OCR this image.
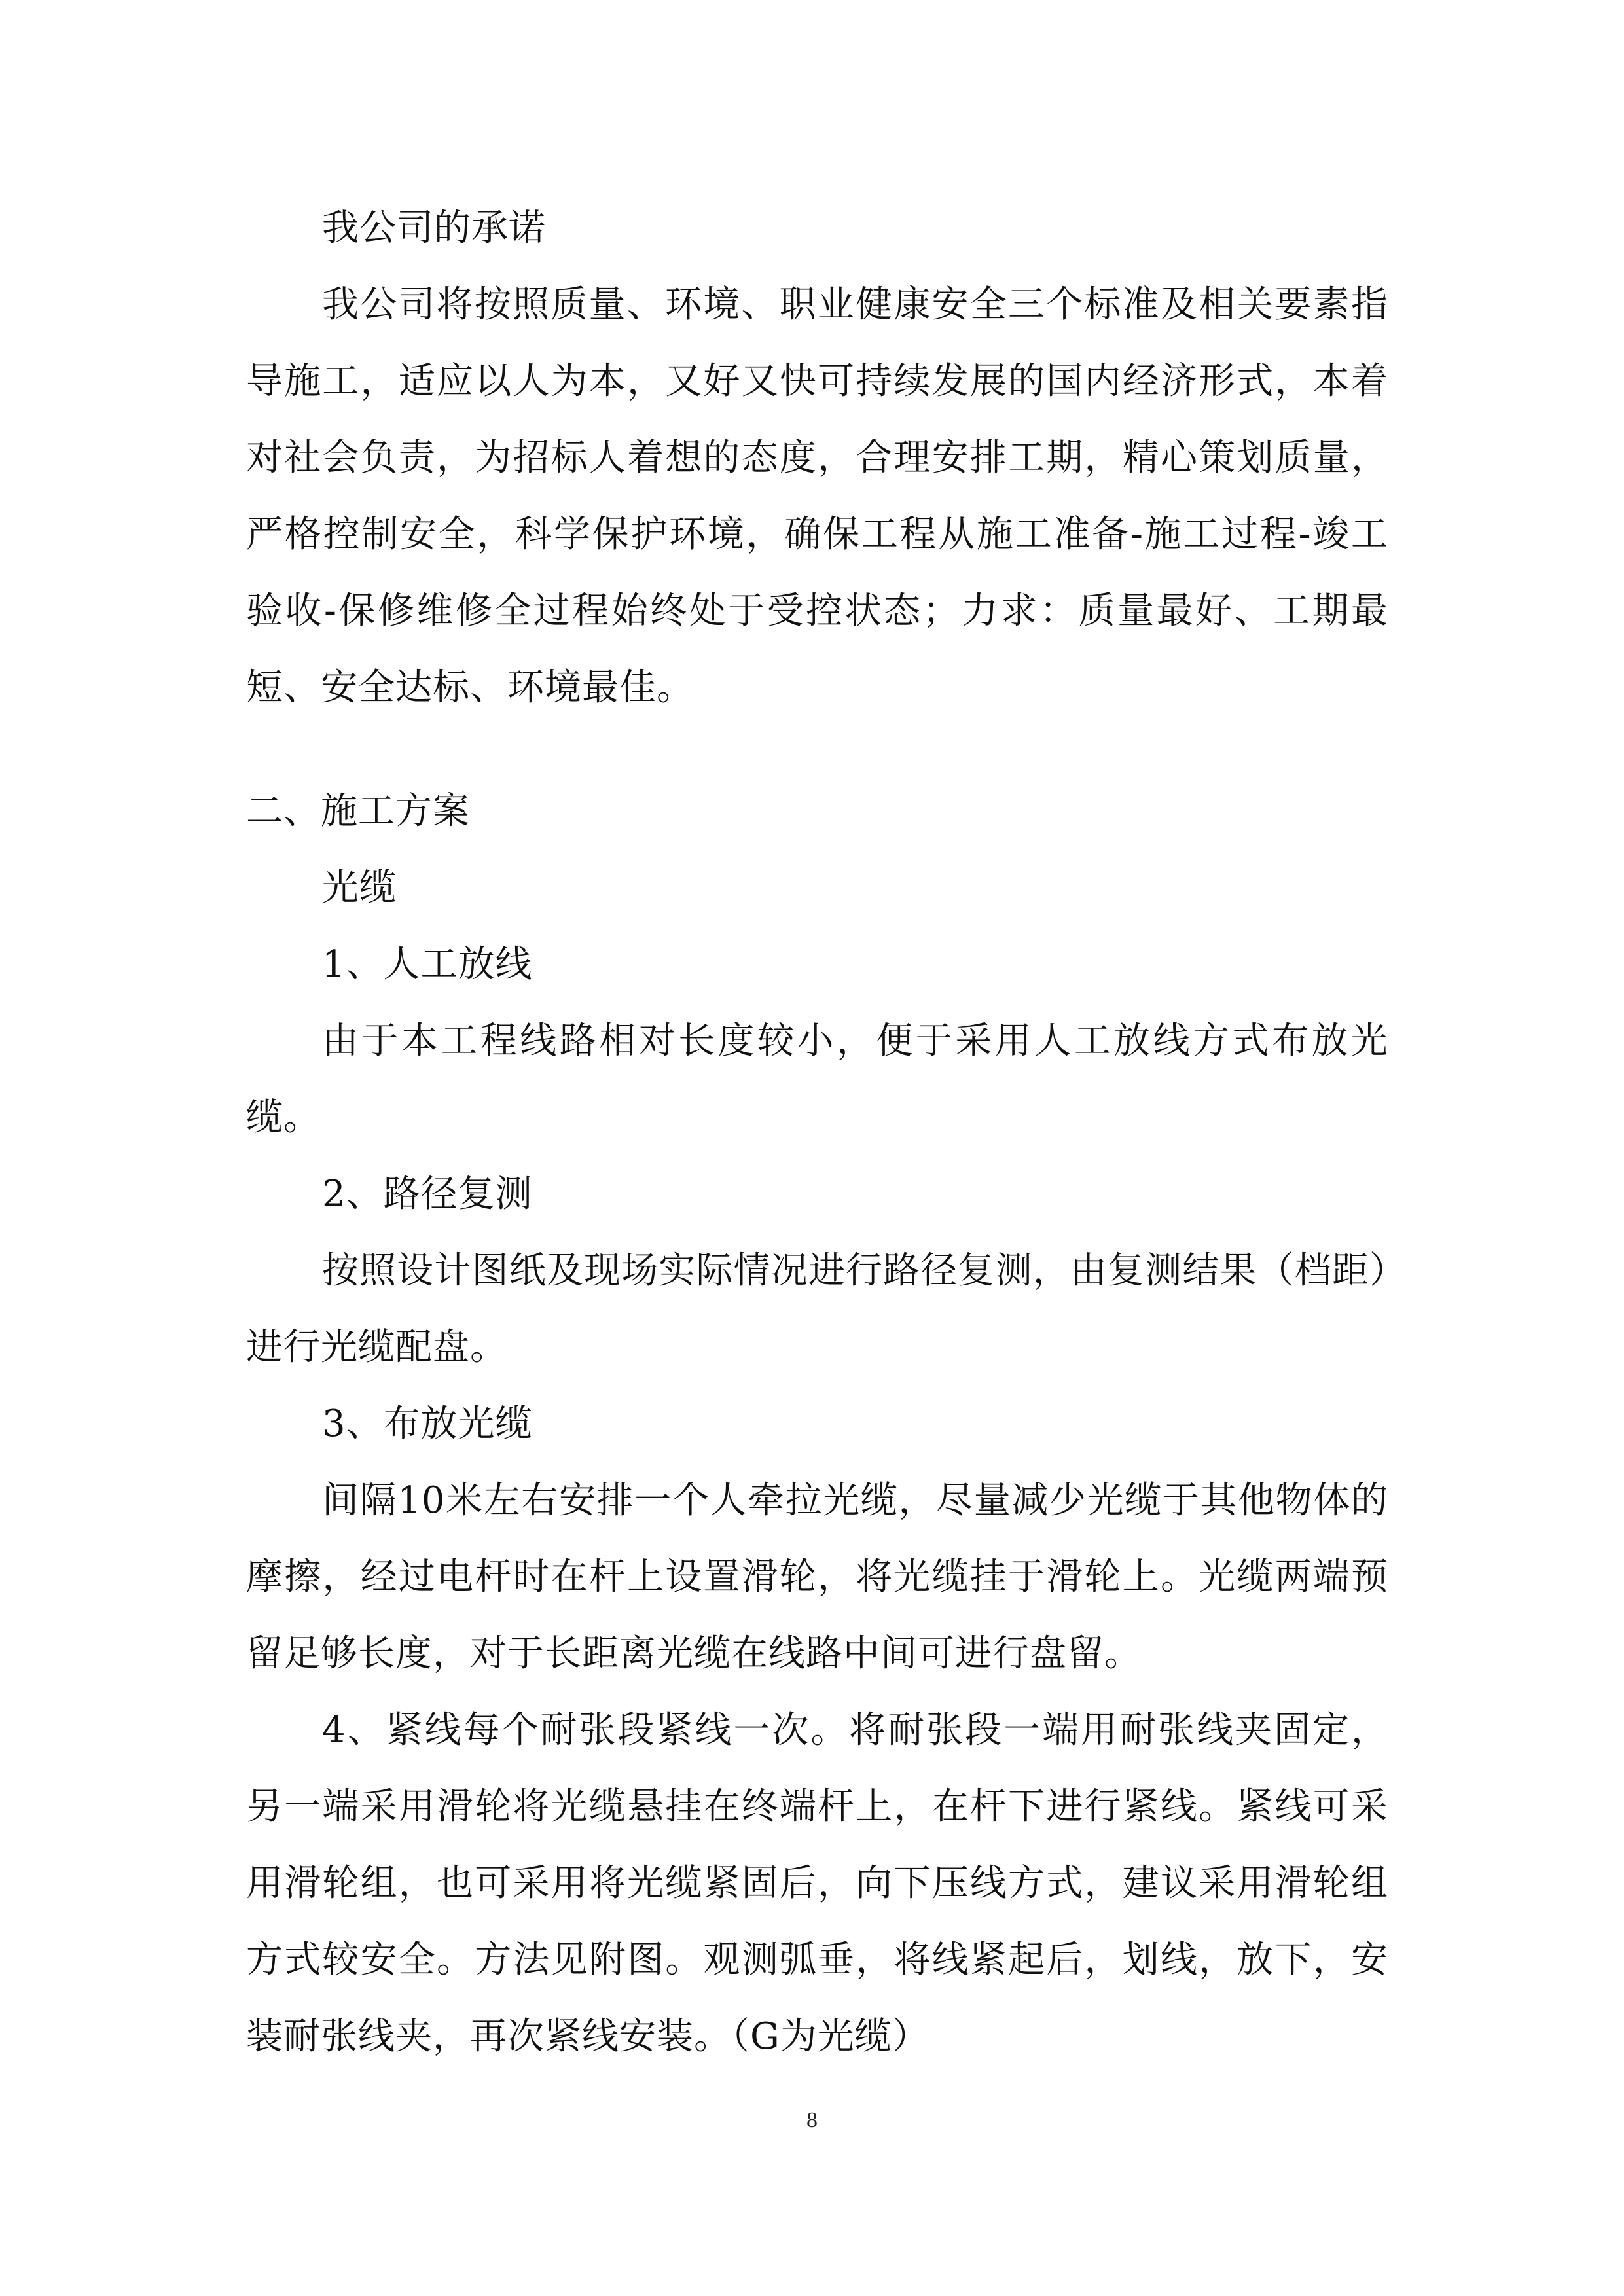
我公司的承诺

我公司将按照质量、环境、职业健康安全三个标准及相关要素指导施工，适应以人为本，又好又快可持续发展的国内经济形式，本着对社会负责，为招标人着想的态度，合理安排工期，精心策划质量，严格控制安全，科学保护环境，确保工程从施工准备-施工过程-竣工验收-保修维修全过程始终处于受控状态；力求：质量最好、工期最短、安全达标、环境最佳。

二、施工方案

光缆

1、人工放线

由于本工程线路相对长度较小，便于采用人工放线方式布放光缆。

2、路径复测

按照设计图纸及现场实际情况进行路径复测，由复测结果（档距）进行光缆配盘。

3、布放光缆

间隔10米左右安排一个人牵拉光缆，尽量减少光缆于其他物体的摩擦，经过电杆时在杆上设置滑轮，将光缆挂于滑轮上。光缆两端预留足够长度，对于长距离光缆在线路中间可进行盘留。

4、紧线每个耐张段紧线一次。将耐张段一端用耐张线夹固定，另一端采用滑轮将光缆悬挂在终端杆上，在杆下进行紧线。紧线可采用滑轮组，也可采用将光缆紧固后，向下压线方式，建议采用滑轮组方式较安全。方法见附图。观测弧垂，将线紧起后，划线，放下，安装耐张线夹，再次紧线安装。（G为光缆）

8
